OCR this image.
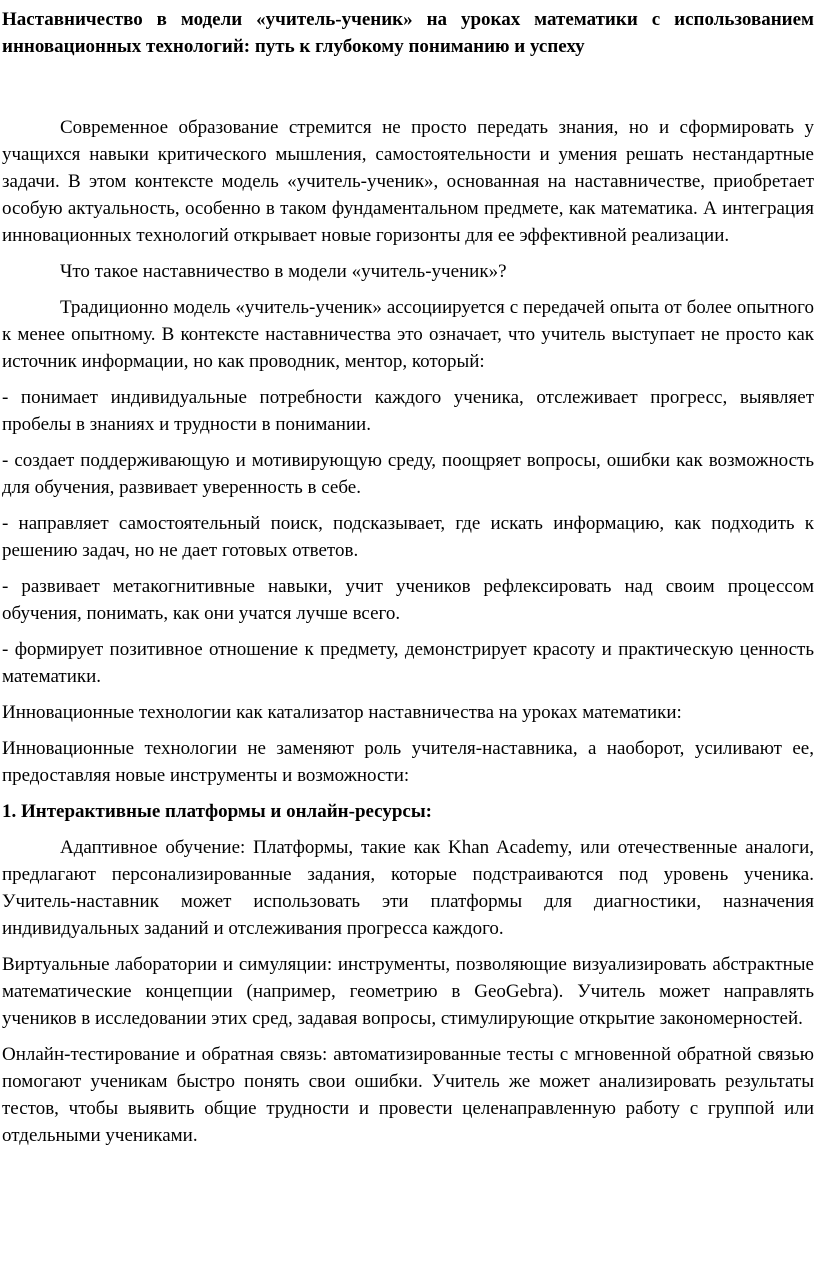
Наставничество в модели «учитель-ученик» на уроках математики с использованием инновационных технологий: путь к глубокому пониманию и успеху
Современное образование стремится не просто передать знания, но и сформировать у учащихся навыки критического мышления, самостоятельности и умения решать нестандартные задачи. В этом контексте модель «учитель-ученик», основанная на наставничестве, приобретает особую актуальность, особенно в таком фундаментальном предмете, как математика. А интеграция инновационных технологий открывает новые горизонты для ее эффективной реализации.
Что такое наставничество в модели «учитель-ученик»?
Традиционно модель «учитель-ученик» ассоциируется с передачей опыта от более опытного к менее опытному. В контексте наставничества это означает, что учитель выступает не просто как источник информации, но как проводник, ментор, который:
- понимает индивидуальные потребности каждого ученика, отслеживает прогресс, выявляет пробелы в знаниях и трудности в понимании.
- создает поддерживающую и мотивирующую среду, поощряет вопросы, ошибки как возможность для обучения, развивает уверенность в себе.
- направляет самостоятельный поиск, подсказывает, где искать информацию, как подходить к решению задач, но не дает готовых ответов.
- развивает метакогнитивные навыки, учит учеников рефлексировать над своим процессом обучения, понимать, как они учатся лучше всего.
- формирует позитивное отношение к предмету, демонстрирует красоту и практическую ценность математики.
Инновационные технологии как катализатор наставничества на уроках математики:
Инновационные технологии не заменяют роль учителя-наставника, а наоборот, усиливают ее, предоставляя новые инструменты и возможности:
1. Интерактивные платформы и онлайн-ресурсы:
Адаптивное обучение: Платформы, такие как Khan Academy, или отечественные аналоги, предлагают персонализированные задания, которые подстраиваются под уровень ученика. Учитель-наставник может использовать эти платформы для диагностики, назначения индивидуальных заданий и отслеживания прогресса каждого.
Виртуальные лаборатории и симуляции: инструменты, позволяющие визуализировать абстрактные математические концепции (например, геометрию в GeoGebra). Учитель может направлять учеников в исследовании этих сред, задавая вопросы, стимулирующие открытие закономерностей.
Онлайн-тестирование и обратная связь: автоматизированные тесты с мгновенной обратной связью помогают ученикам быстро понять свои ошибки. Учитель же может анализировать результаты тестов, чтобы выявить общие трудности и провести целенаправленную работу с группой или отдельными учениками.
